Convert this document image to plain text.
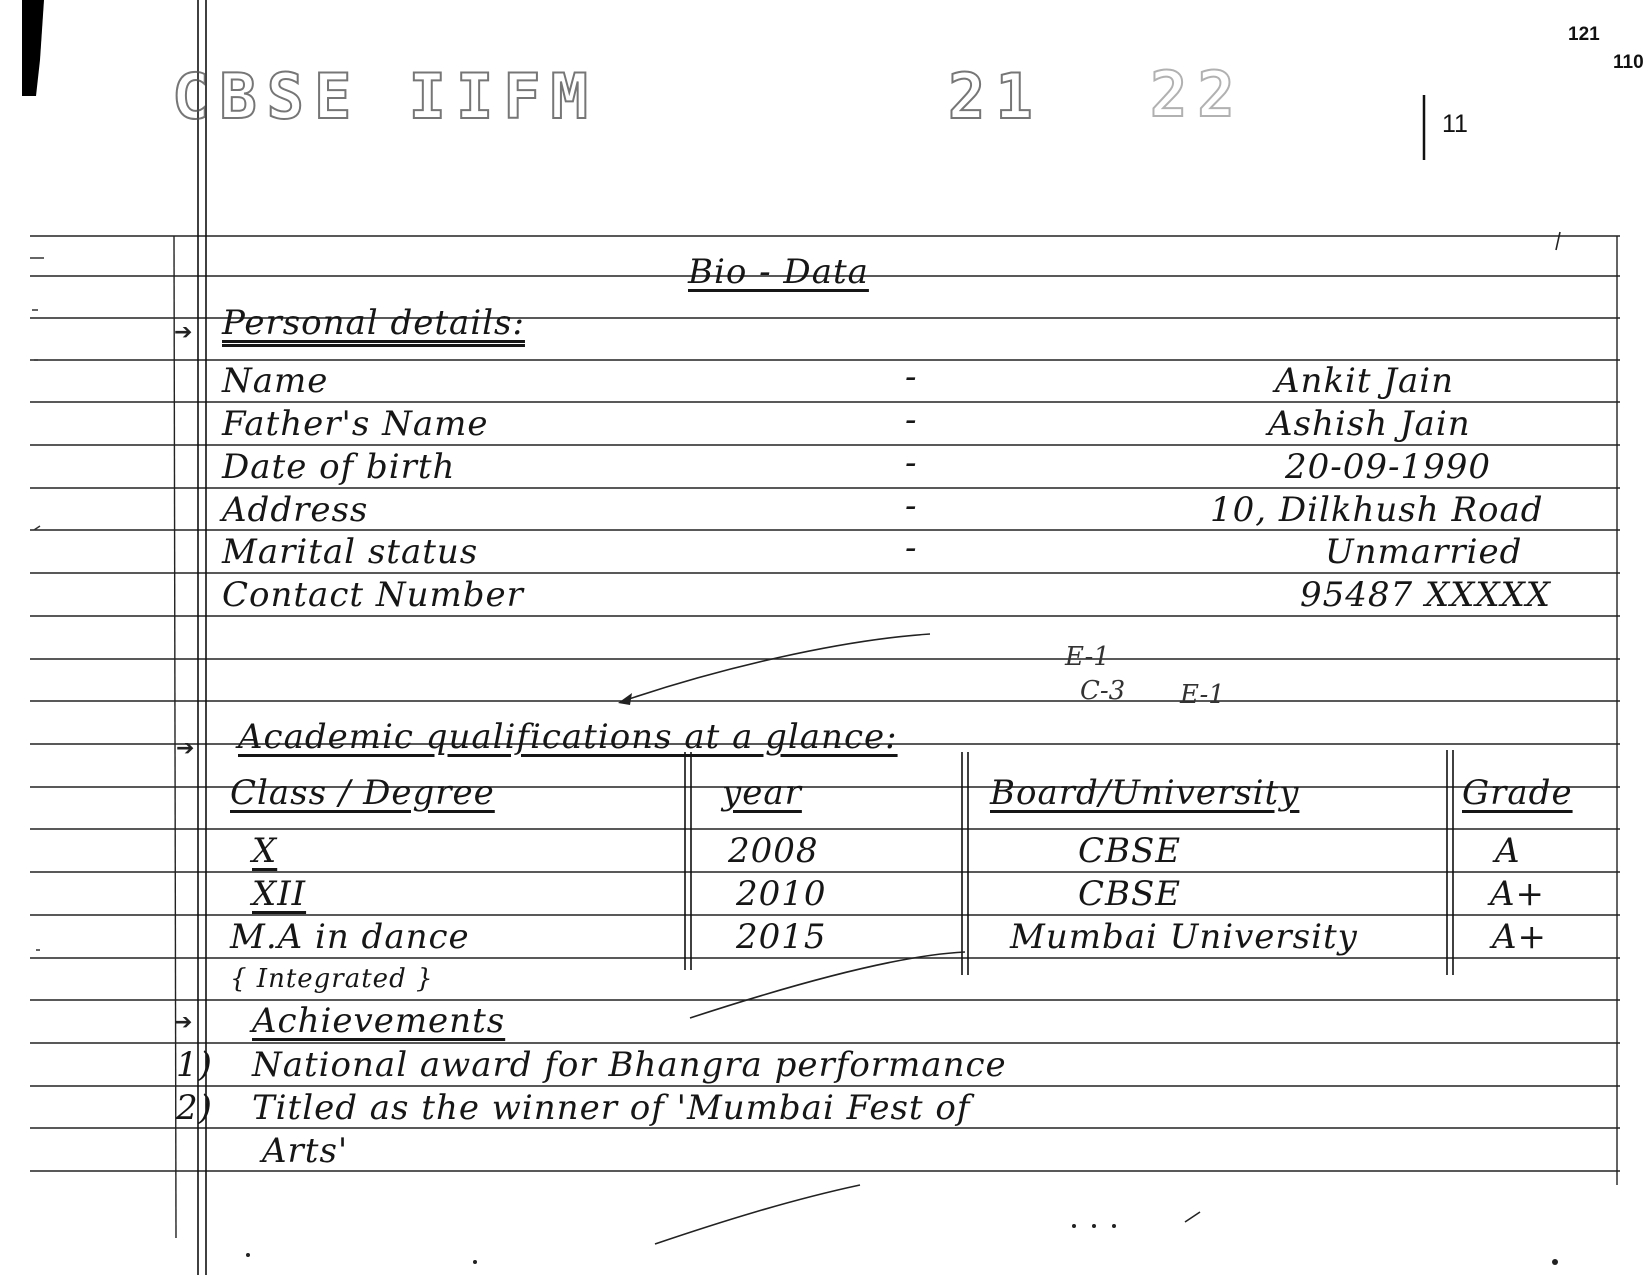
CBSE IIFM	21 22
121
110
11
Bio - Data
➔ Personal details:
Name	Ankit Jain
-
Father's Name	Ashish Jain
-
Date of birth	20-09-1990
-
Address	10, Dilkhush Road
-
Marital status	Unmarried
-
Contact Number	95487 XXXXX
E-1
C-3 E-1
➔ Academic qualifications at a glance:
Class / Degree	year	Board/University	Grade
X	2008	CBSE	A
XII	2010	CBSE	A+
M.A in dance	2015	Mumbai University	A+
{ Integrated }
➔ Achievements
1) National award for Bhangra performance
2) Titled as the winner of 'Mumbai Fest of
Arts'
